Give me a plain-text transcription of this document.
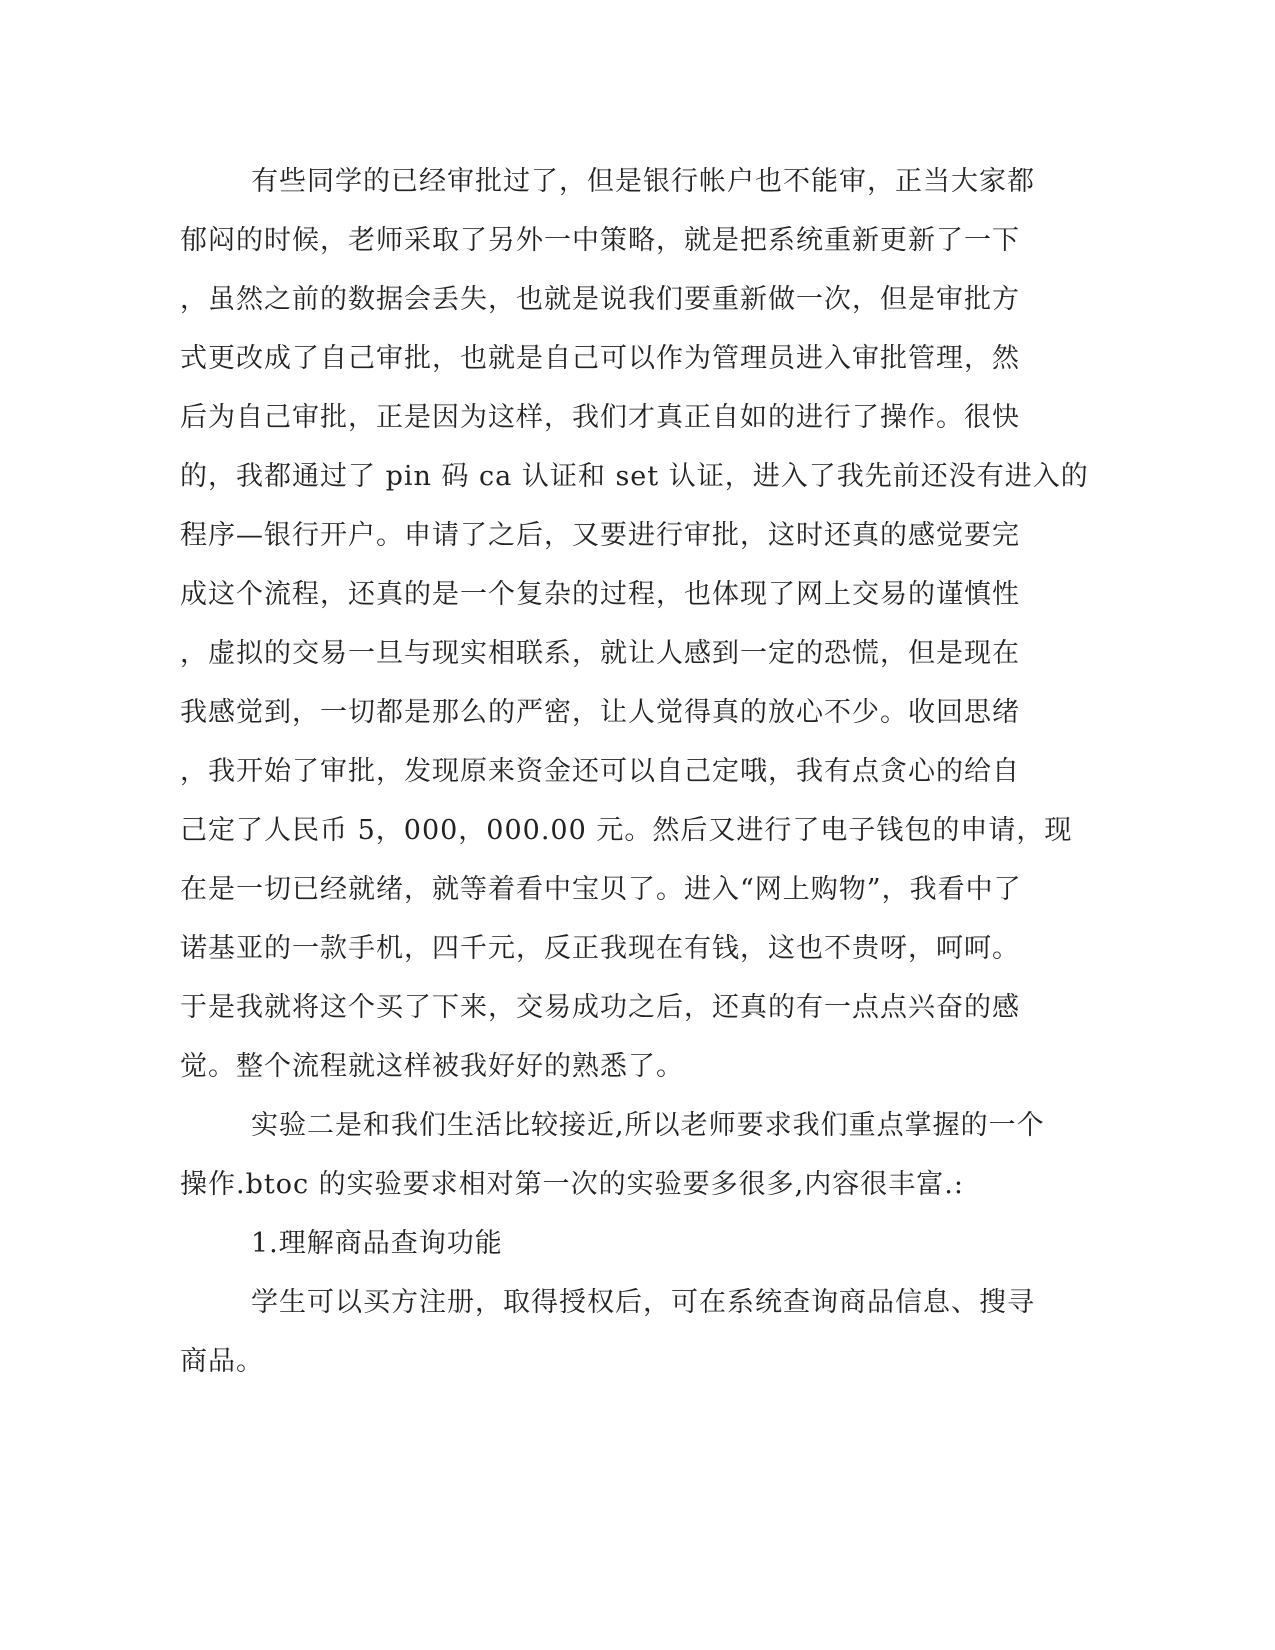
有些同学的已经审批过了，但是银行帐户也不能审，正当大家都
郁闷的时候，老师采取了另外一中策略，就是把系统重新更新了一下
，虽然之前的数据会丢失，也就是说我们要重新做一次，但是审批方
式更改成了自己审批，也就是自己可以作为管理员进入审批管理，然
后为自己审批，正是因为这样，我们才真正自如的进行了操作。很快
的，我都通过了 pin 码 ca 认证和 set 认证，进入了我先前还没有进入的
程序—银行开户。申请了之后，又要进行审批，这时还真的感觉要完
成这个流程，还真的是一个复杂的过程，也体现了网上交易的谨慎性
，虚拟的交易一旦与现实相联系，就让人感到一定的恐慌，但是现在
我感觉到，一切都是那么的严密，让人觉得真的放心不少。收回思绪
，我开始了审批，发现原来资金还可以自己定哦，我有点贪心的给自
己定了人民币 5，000，000.00 元。然后又进行了电子钱包的申请，现
在是一切已经就绪，就等着看中宝贝了。进入“网上购物”，我看中了
诺基亚的一款手机，四千元，反正我现在有钱，这也不贵呀，呵呵。
于是我就将这个买了下来，交易成功之后，还真的有一点点兴奋的感
觉。整个流程就这样被我好好的熟悉了。
实验二是和我们生活比较接近,所以老师要求我们重点掌握的一个
操作.btoc 的实验要求相对第一次的实验要多很多,内容很丰富.:
1.理解商品查询功能
学生可以买方注册，取得授权后，可在系统查询商品信息、搜寻
商品。
